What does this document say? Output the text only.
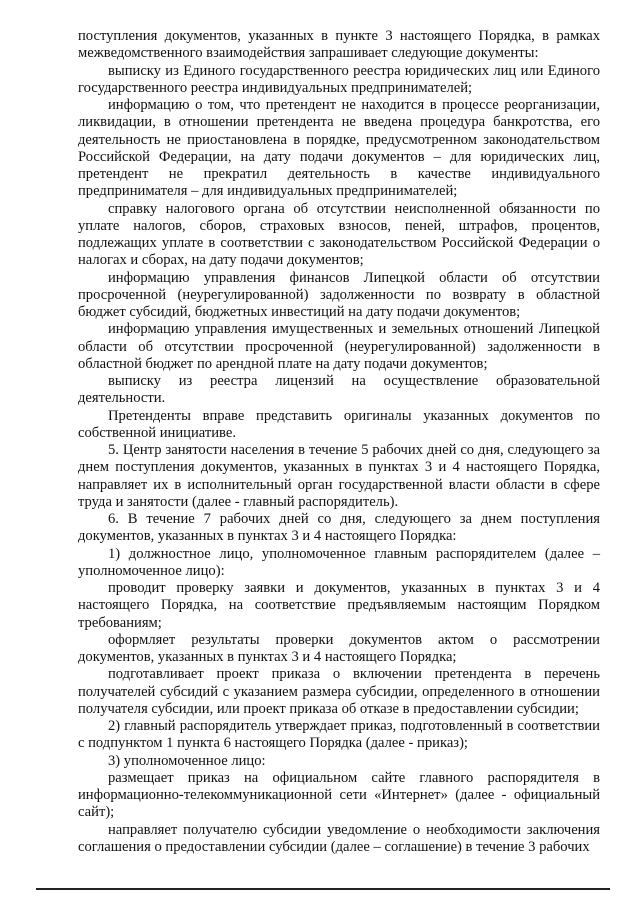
поступления документов, указанных в пункте 3 настоящего Порядка, в рамках межведомственного взаимодействия запрашивает следующие документы:

выписку из Единого государственного реестра юридических лиц или Единого государственного реестра индивидуальных предпринимателей;

информацию о том, что претендент не находится в процессе реорганизации, ликвидации, в отношении претендента не введена процедура банкротства, его деятельность не приостановлена в порядке, предусмотренном законодательством Российской Федерации, на дату подачи документов – для юридических лиц, претендент не прекратил деятельность в качестве индивидуального предпринимателя – для индивидуальных предпринимателей;

справку налогового органа об отсутствии неисполненной обязанности по уплате налогов, сборов, страховых взносов, пеней, штрафов, процентов, подлежащих уплате в соответствии с законодательством Российской Федерации о налогах и сборах, на дату подачи документов;

информацию управления финансов Липецкой области об отсутствии просроченной (неурегулированной) задолженности по возврату в областной бюджет субсидий, бюджетных инвестиций на дату подачи документов;

информацию управления имущественных и земельных отношений Липецкой области об отсутствии просроченной (неурегулированной) задолженности в областной бюджет по арендной плате на дату подачи документов;

выписку из реестра лицензий на осуществление образовательной деятельности.

Претенденты вправе представить оригиналы указанных документов по собственной инициативе.

5. Центр занятости населения в течение 5 рабочих дней со дня, следующего за днем поступления документов, указанных в пунктах 3 и 4 настоящего Порядка, направляет их в исполнительный орган государственной власти области в сфере труда и занятости (далее - главный распорядитель).

6. В течение 7 рабочих дней со дня, следующего за днем поступления документов, указанных в пунктах 3 и 4 настоящего Порядка:

1) должностное лицо, уполномоченное главным распорядителем (далее – уполномоченное лицо):

проводит проверку заявки и документов, указанных в пунктах 3 и 4 настоящего Порядка, на соответствие предъявляемым настоящим Порядком требованиям;

оформляет результаты проверки документов актом о рассмотрении документов, указанных в пунктах 3 и 4 настоящего Порядка;

подготавливает проект приказа о включении претендента в перечень получателей субсидий с указанием размера субсидии, определенного в отношении получателя субсидии, или проект приказа об отказе в предоставлении субсидии;

2) главный распорядитель утверждает приказ, подготовленный в соответствии с подпунктом 1 пункта 6 настоящего Порядка (далее - приказ);

3) уполномоченное лицо:

размещает приказ на официальном сайте главного распорядителя в информационно-телекоммуникационной сети «Интернет» (далее - официальный сайт);

направляет получателю субсидии уведомление о необходимости заключения соглашения о предоставлении субсидии (далее – соглашение) в течение 3 рабочих
